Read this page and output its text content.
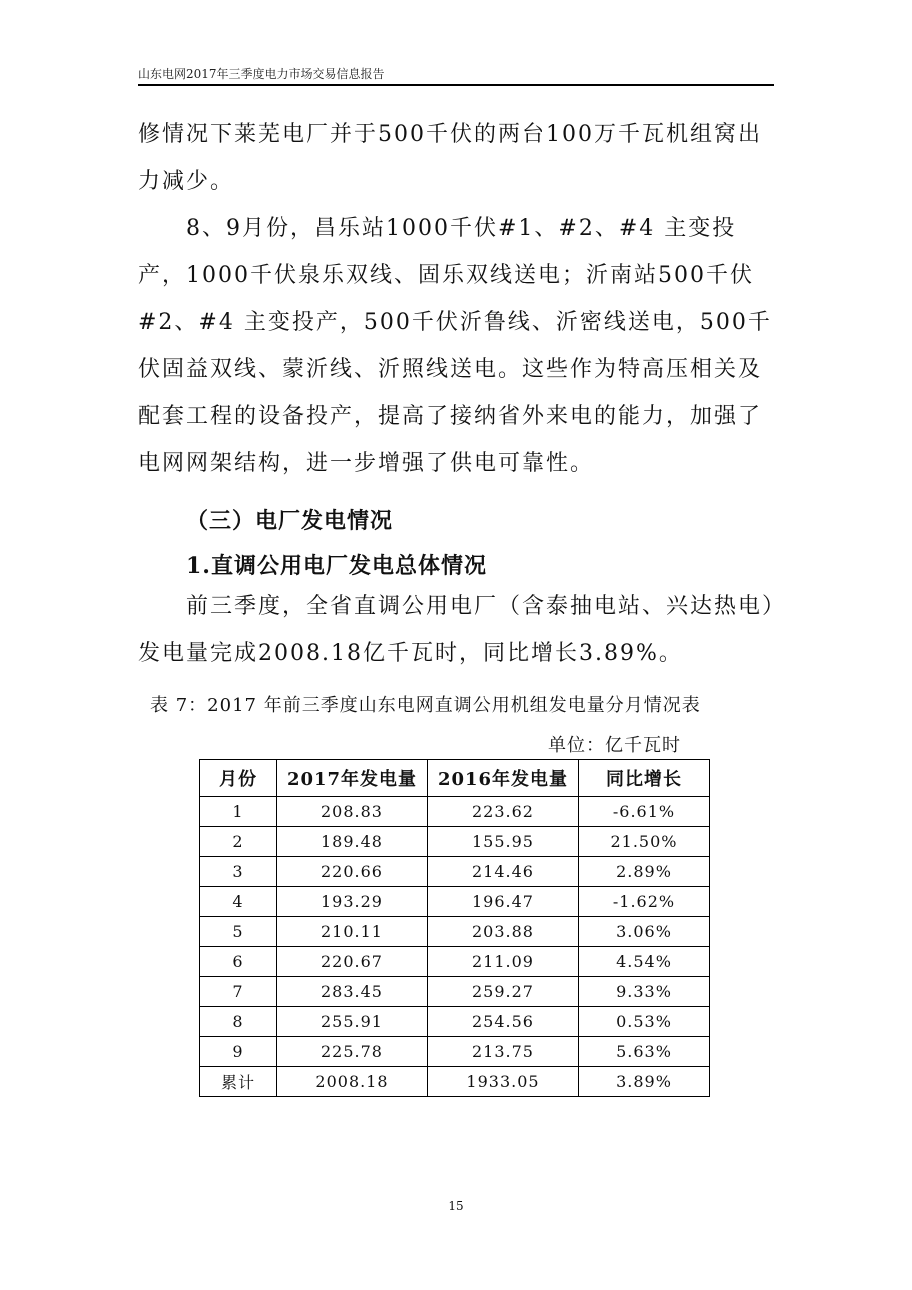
山东电网2017年三季度电力市场交易信息报告

修情况下莱芜电厂并于500千伏的两台100万千瓦机组窝出力减少。

8、9月份，昌乐站1000千伏#1、#2、#4 主变投产，1000千伏泉乐双线、固乐双线送电；沂南站500千伏#2、#4 主变投产，500千伏沂鲁线、沂密线送电，500千伏固益双线、蒙沂线、沂照线送电。这些作为特高压相关及配套工程的设备投产，提高了接纳省外来电的能力，加强了电网网架结构，进一步增强了供电可靠性。

（三）电厂发电情况
1.直调公用电厂发电总体情况

前三季度，全省直调公用电厂（含泰抽电站、兴达热电）发电量完成2008.18亿千瓦时，同比增长3.89%。

表 7：2017 年前三季度山东电网直调公用机组发电量分月情况表
单位：亿千瓦时
月份	2017年发电量	2016年发电量	同比增长
1	208.83	223.62	-6.61%
2	189.48	155.95	21.50%
3	220.66	214.46	2.89%
4	193.29	196.47	-1.62%
5	210.11	203.88	3.06%
6	220.67	211.09	4.54%
7	283.45	259.27	9.33%
8	255.91	254.56	0.53%
9	225.78	213.75	5.63%
累计	2008.18	1933.05	3.89%
15
